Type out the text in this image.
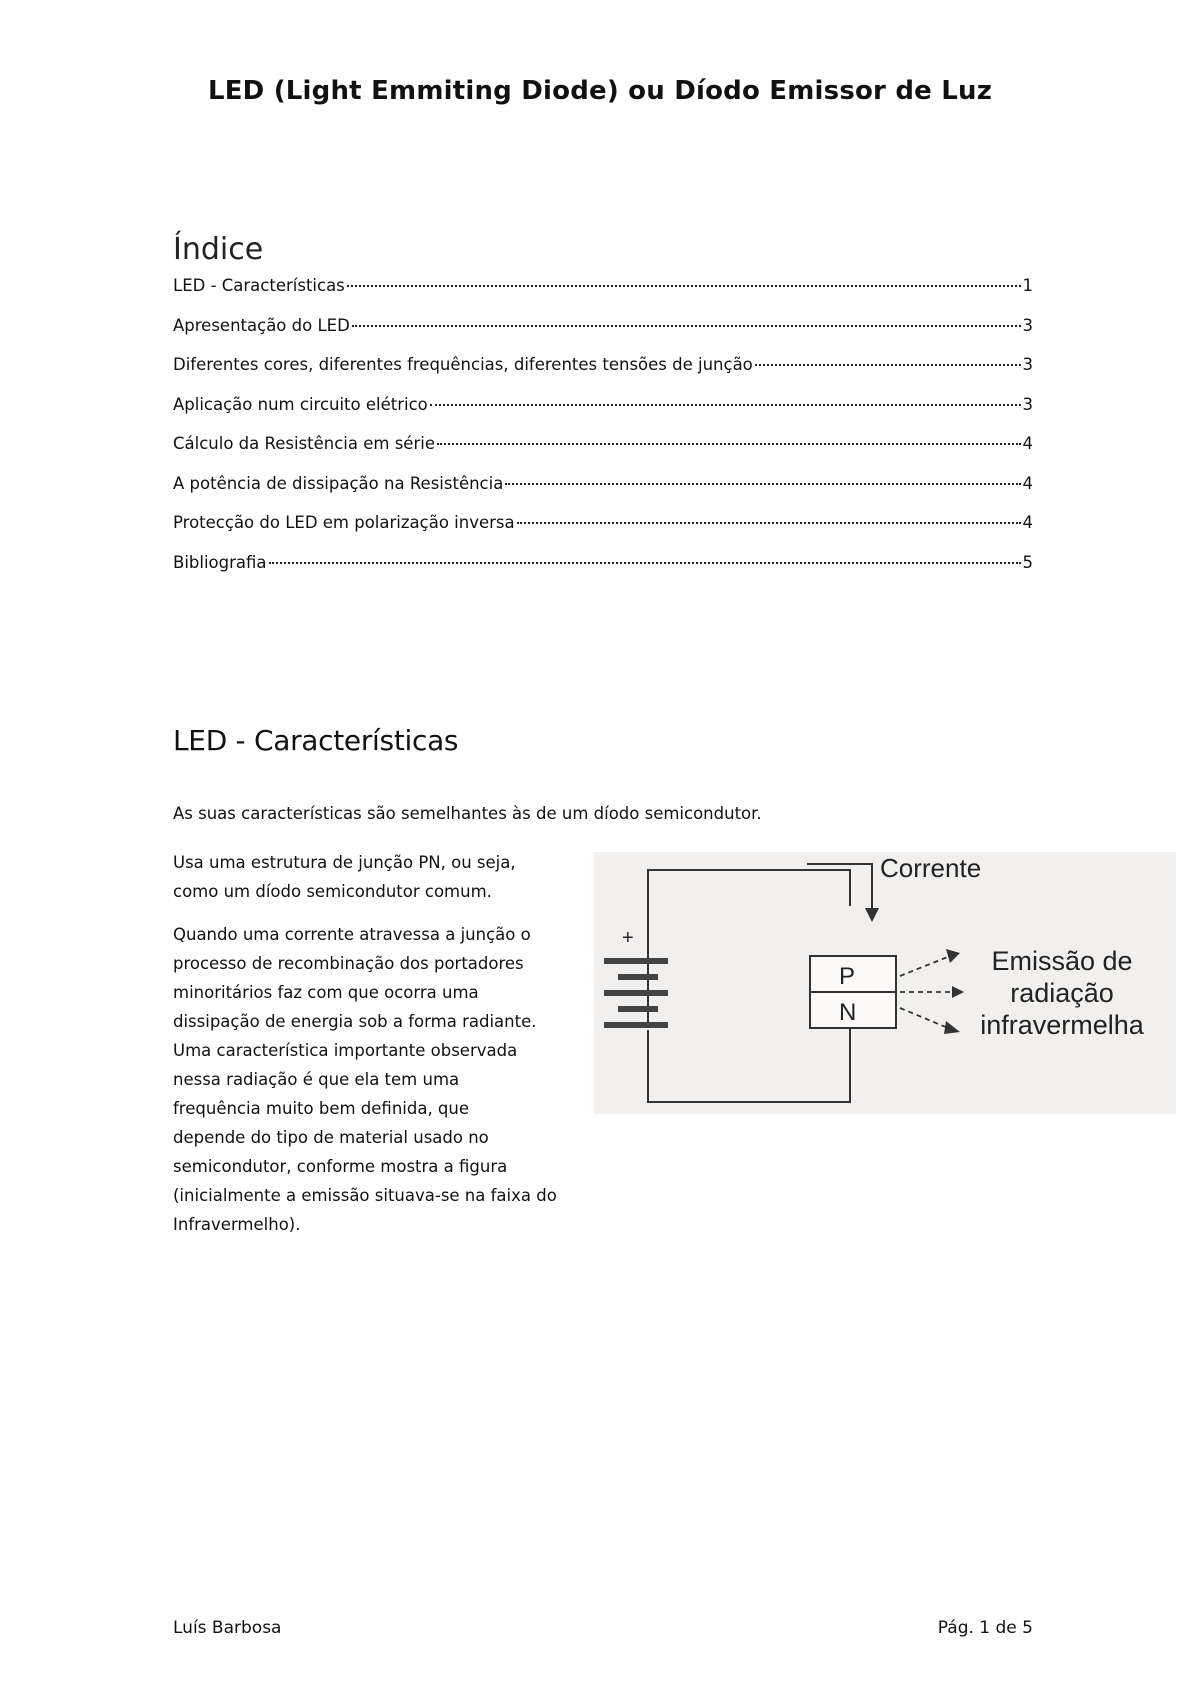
LED (Light Emmiting Diode) ou Díodo Emissor de Luz
Índice
LED - Características	1
Apresentação do LED	3
Diferentes cores, diferentes frequências, diferentes tensões de junção	3
Aplicação num circuito elétrico	3
Cálculo da Resistência em série	4
A potência de dissipação na Resistência	4
Protecção do LED em polarização inversa	4
Bibliografia	5
LED - Características

As suas características são semelhantes às de um díodo semicondutor.

Usa uma estrutura de junção PN, ou seja,
como um díodo semicondutor comum.

Quando uma corrente atravessa a junção o
processo de recombinação dos portadores
minoritários faz com que ocorra uma
dissipação de energia sob a forma radiante.
Uma característica importante observada
nessa radiação é que ela tem uma
frequência muito bem definida, que
depende do tipo de material usado no
semicondutor, conforme mostra a figura
(inicialmente a emissão situava-se na faixa do
Infravermelho).

Corrente
+
P
N
Emissão de
radiação
infravermelha
Luís Barbosa	Pág. 1 de 5
